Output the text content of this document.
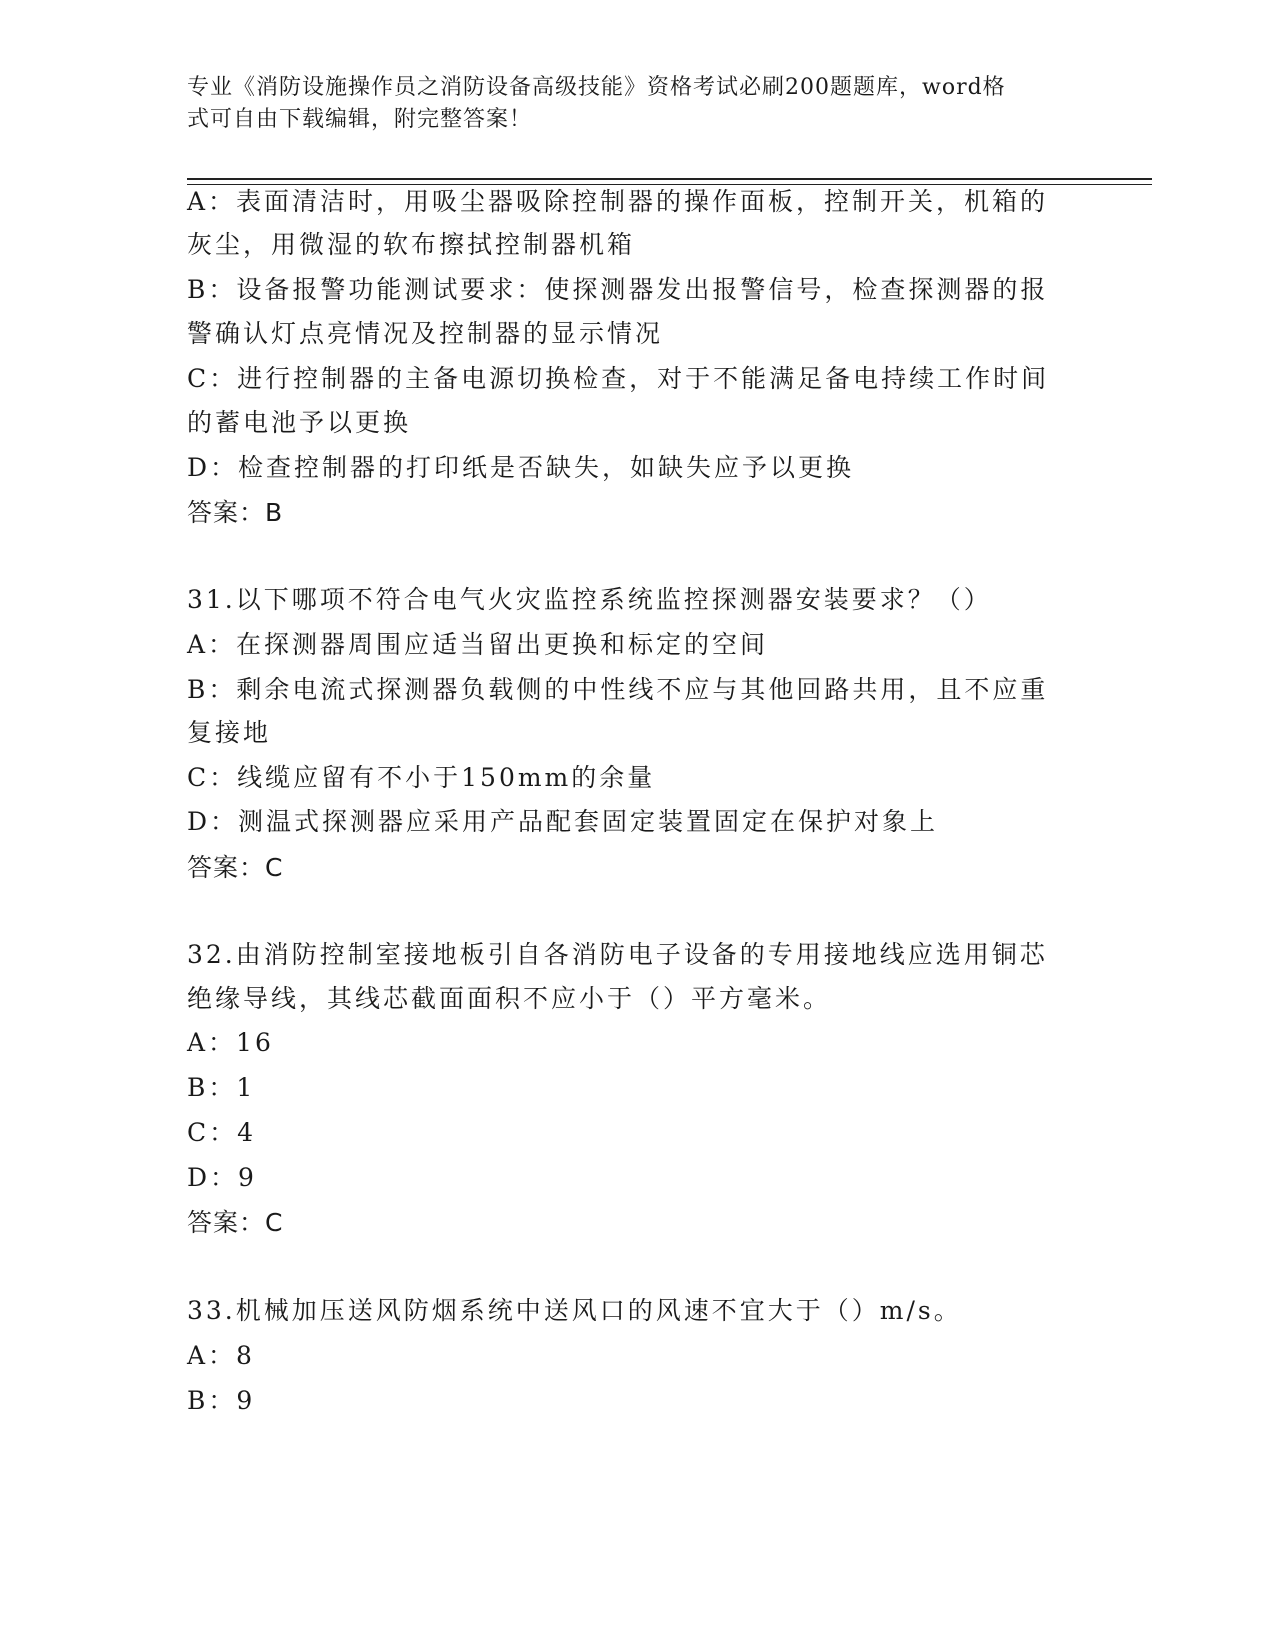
专业《消防设施操作员之消防设备高级技能》资格考试必刷200题题库，word格
式可自由下载编辑，附完整答案！
A：表面清洁时，用吸尘器吸除控制器的操作面板，控制开关，机箱的
灰尘，用微湿的软布擦拭控制器机箱
B：设备报警功能测试要求：使探测器发出报警信号，检查探测器的报
警确认灯点亮情况及控制器的显示情况
C：进行控制器的主备电源切换检查，对于不能满足备电持续工作时间
的蓄电池予以更换
D：检查控制器的打印纸是否缺失，如缺失应予以更换
答案：B
31.以下哪项不符合电气火灾监控系统监控探测器安装要求？（）
A：在探测器周围应适当留出更换和标定的空间
B：剩余电流式探测器负载侧的中性线不应与其他回路共用，且不应重
复接地
C：线缆应留有不小于150mm的余量
D：测温式探测器应采用产品配套固定装置固定在保护对象上
答案：C
32.由消防控制室接地板引自各消防电子设备的专用接地线应选用铜芯
绝缘导线，其线芯截面面积不应小于（）平方毫米。
A：16
B：1
C：4
D：9
答案：C
33.机械加压送风防烟系统中送风口的风速不宜大于（）m/s。
A：8
B：9
